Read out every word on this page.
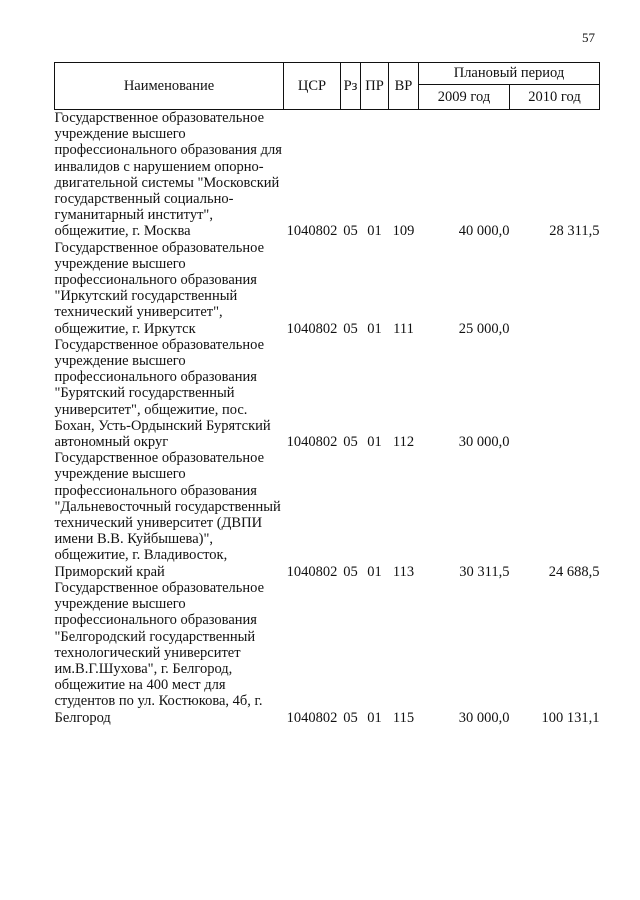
57
Наименование	ЦСР	Рз	ПР	ВР	Плановый период	
					2009 год	2010 год
Государственное образовательное учреждение высшего профессионального образования для инвалидов с нарушением опорно-двигательной системы "Московский государственный социально-гуманитарный институт", общежитие, г. Москва	1040802	05	01	109	40 000,0	28 311,5
Государственное образовательное учреждение высшего профессионального образования "Иркутский государственный технический университет", общежитие, г. Иркутск	1040802	05	01	111	25 000,0	
Государственное образовательное учреждение высшего профессионального образования "Бурятский государственный университет", общежитие, пос. Бохан, Усть-Ордынский Бурятский автономный округ	1040802	05	01	112	30 000,0	
Государственное образовательное учреждение высшего профессионального образования "Дальневосточный государственный технический университет (ДВПИ имени В.В. Куйбышева)", общежитие, г. Владивосток, Приморский край	1040802	05	01	113	30 311,5	24 688,5
Государственное образовательное учреждение высшего профессионального образования "Белгородский государственный технологический университет им.В.Г.Шухова", г. Белгород, общежитие на 400 мест для студентов по ул. Костюкова, 4б, г. Белгород	1040802	05	01	115	30 000,0	100 131,1
